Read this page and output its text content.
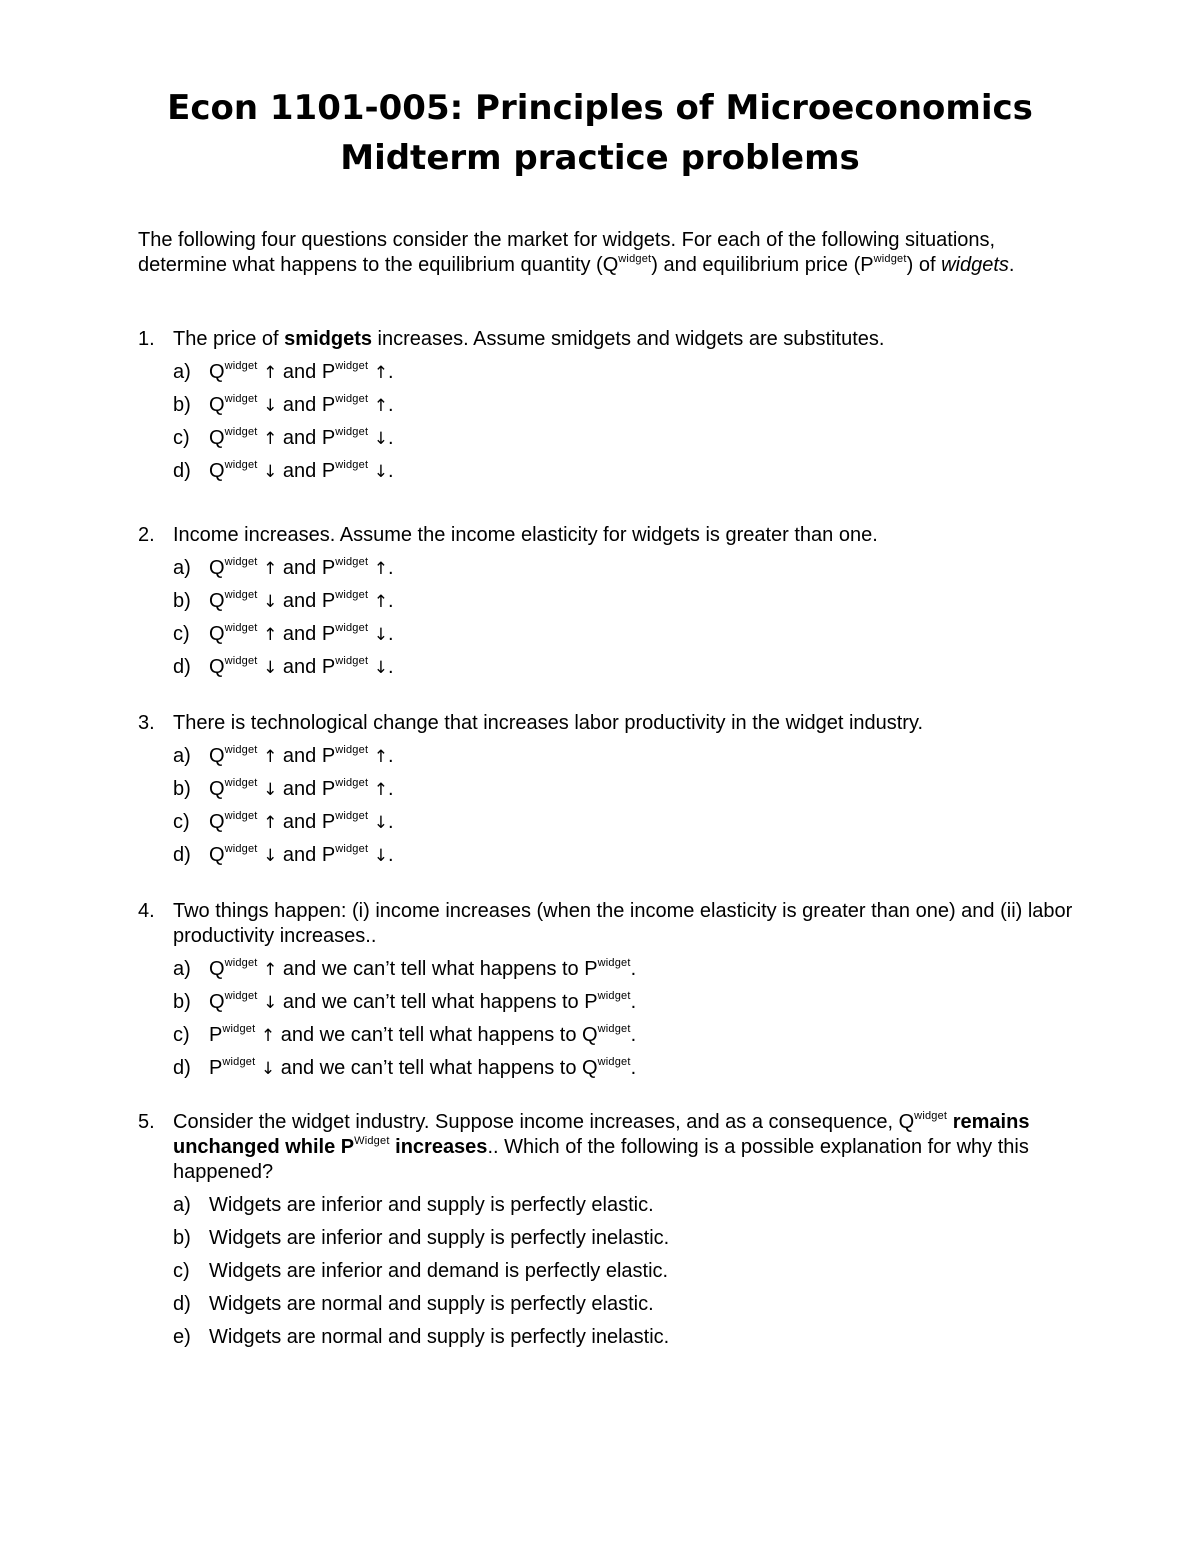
Econ 1101-005: Principles of Microeconomics
Midterm practice problems
The following four questions consider the market for widgets. For each of the following situations, determine what happens to the equilibrium quantity $(Q^{widget})$ and equilibrium price $(P^{widget})$ of widgets.
1. The price of smidgets increases. Assume smidgets and widgets are substitutes.
a) $Q^{widget}$ ↑ and $P^{widget}$ ↑.
b) $Q^{widget}$ ↓ and $P^{widget}$ ↑.
c) $Q^{widget}$ ↑ and $P^{widget}$ ↓.
d) $Q^{widget}$ ↓ and $P^{widget}$ ↓.
2. Income increases. Assume the income elasticity for widgets is greater than one.
a) $Q^{widget}$ ↑ and $P^{widget}$ ↑.
b) $Q^{widget}$ ↓ and $P^{widget}$ ↑.
c) $Q^{widget}$ ↑ and $P^{widget}$ ↓.
d) $Q^{widget}$ ↓ and $P^{widget}$ ↓.
3. There is technological change that increases labor productivity in the widget industry.
a) $Q^{widget}$ ↑ and $P^{widget}$ ↑.
b) $Q^{widget}$ ↓ and $P^{widget}$ ↑.
c) $Q^{widget}$ ↑ and $P^{widget}$ ↓.
d) $Q^{widget}$ ↓ and $P^{widget}$ ↓.
4. Two things happen: (i) income increases (when the income elasticity is greater than one) and (ii) labor productivity increases..
a) $Q^{widget}$ ↑ and we can’t tell what happens to $P^{widget}$.
b) $Q^{widget}$ ↓ and we can’t tell what happens to $P^{widget}$.
c) $P^{widget}$ ↑ and we can’t tell what happens to $Q^{widget}$.
d) $P^{widget}$ ↓ and we can’t tell what happens to $Q^{widget}$.
5. Consider the widget industry. Suppose income increases, and as a consequence, $Q^{widget}$ remains unchanged while $P^{Widget}$ increases.. Which of the following is a possible explanation for why this happened?
a) Widgets are inferior and supply is perfectly elastic.
b) Widgets are inferior and supply is perfectly inelastic.
c) Widgets are inferior and demand is perfectly elastic.
d) Widgets are normal and supply is perfectly elastic.
e) Widgets are normal and supply is perfectly inelastic.
